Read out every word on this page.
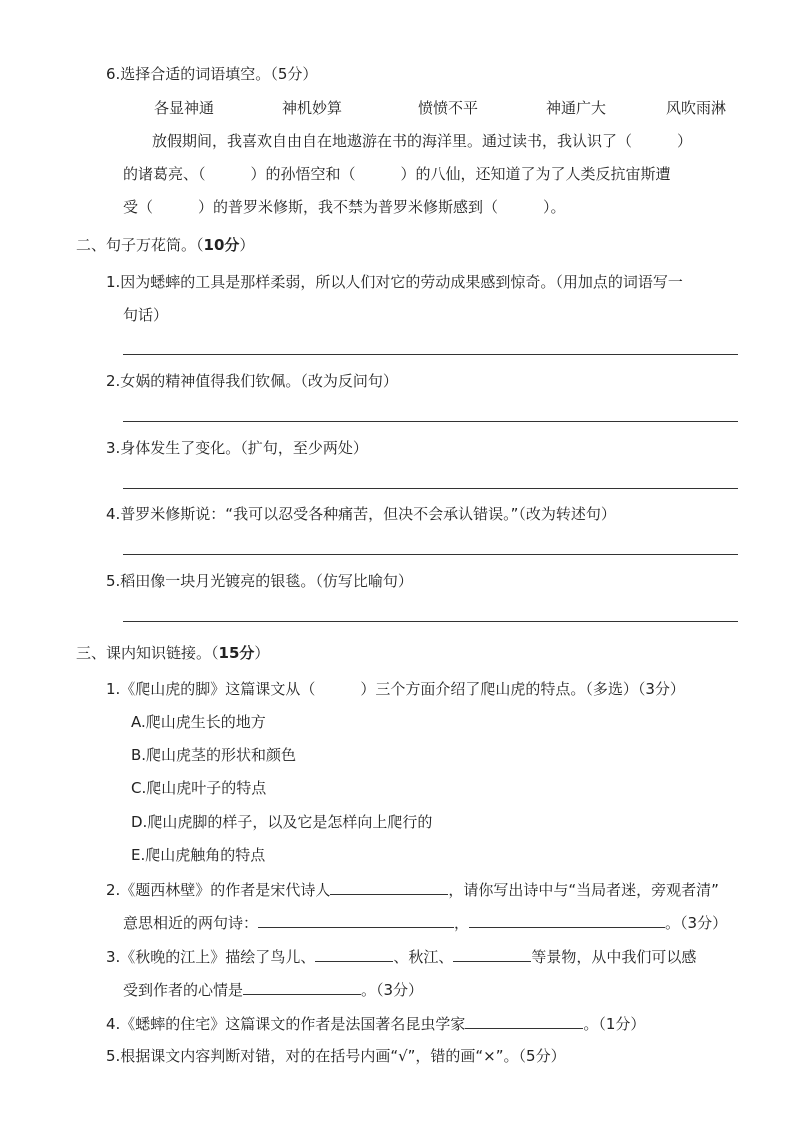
6.选择合适的词语填空。（5分）

各显神通	神机妙算	愤愤不平	神通广大	风吹雨淋

放假期间，我喜欢自由自在地遨游在书的海洋里。通过读书，我认识了（　　　）

的诸葛亮、（　　　）的孙悟空和（　　　）的八仙，还知道了为了人类反抗宙斯遭

受（　　　）的普罗米修斯，我不禁为普罗米修斯感到（　　　）。

二、句子万花筒。（10分）

1.因为蟋蟀的工具是那样柔弱，所以人们对它的劳动成果感到惊奇。（用加点的词语写一

句话）

2.女娲的精神值得我们钦佩。（改为反问句）

3.身体发生了变化。（扩句，至少两处）

4.普罗米修斯说：“我可以忍受各种痛苦，但决不会承认错误。”（改为转述句）

5.稻田像一块月光镀亮的银毯。（仿写比喻句）

三、课内知识链接。（15分）

1.《爬山虎的脚》这篇课文从（　　　）三个方面介绍了爬山虎的特点。（多选）（3分）

A.爬山虎生长的地方

B.爬山虎茎的形状和颜色

C.爬山虎叶子的特点

D.爬山虎脚的样子，以及它是怎样向上爬行的

E.爬山虎触角的特点

2.《题西林壁》的作者是宋代诗人	，请你写出诗中与“当局者迷，旁观者清”

意思相近的两句诗：	，	。（3分）

3.《秋晚的江上》描绘了鸟儿、	、秋江、	等景物，从中我们可以感

受到作者的心情是	。（3分）

4.《蟋蟀的住宅》这篇课文的作者是法国著名昆虫学家	。（1分）

5.根据课文内容判断对错，对的在括号内画“√”，错的画“×”。（5分）
